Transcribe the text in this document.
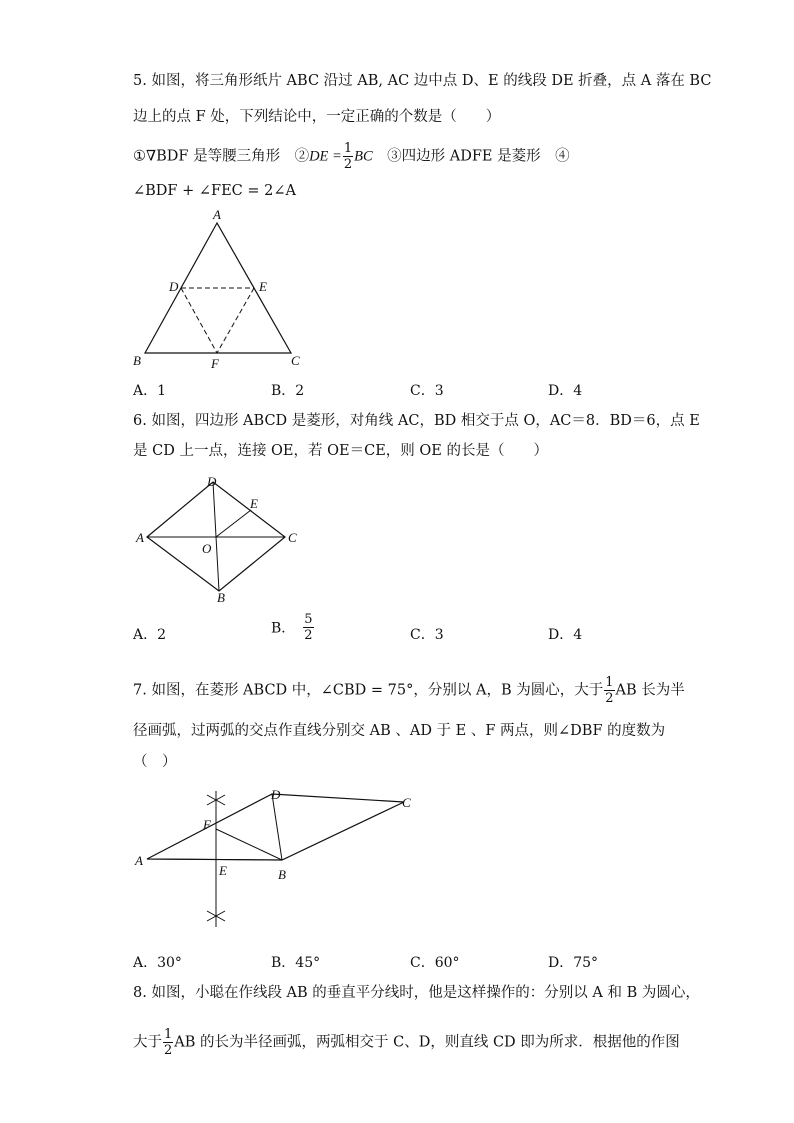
5. 如图，将三角形纸片 ABC 沿过 AB, AC 边中点 D、E 的线段 DE 折叠，点 A 落在 BC
边上的点 F 处，下列结论中，一定正确的个数是（　　）
①∇BDF 是等腰三角形　②DE = $\frac{1}{2}$ BC　③四边形 ADFE 是菱形　④
∠BDF + ∠FEC = 2∠A
A
D	E
B	F	C
A．1	B．2	C．3	D．4
6. 如图，四边形 ABCD 是菱形，对角线 AC，BD 相交于点 O，AC＝8．BD＝6，点 E
是 CD 上一点，连接 OE，若 OE＝CE，则 OE 的长是（　　）
D
E
A
O
C
B
A．2	B． $\frac{5}{2}$	C．3	D．4
7. 如图，在菱形 ABCD 中，∠CBD = 75°，分别以 A，B 为圆心，大于 $\frac{1}{2}$ AB 长为半
径画弧，过两弧的交点作直线分别交 AB 、AD 于 E 、F 两点，则∠DBF 的度数为
（　）
D
C
F
A
E	B
A．30°	B．45°	C．60°	D．75°
8. 如图，小聪在作线段 AB 的垂直平分线时，他是这样操作的：分别以 A 和 B 为圆心，
大于 $\frac{1}{2}$ AB 的长为半径画弧，两弧相交于 C、D，则直线 CD 即为所求．根据他的作图
